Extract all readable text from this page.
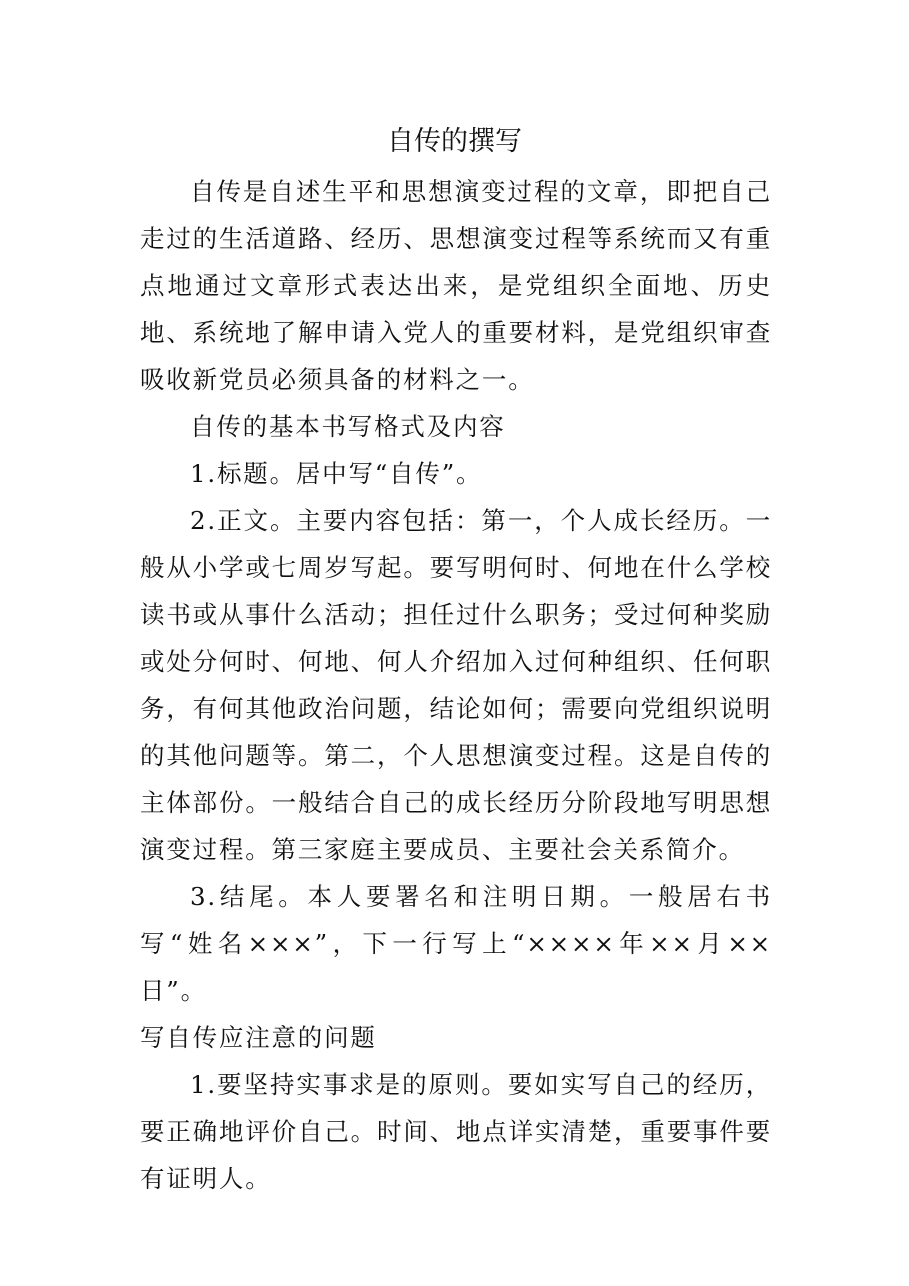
自传的撰写

自传是自述生平和思想演变过程的文章，即把自己走过的生活道路、经历、思想演变过程等系统而又有重点地通过文章形式表达出来，是党组织全面地、历史地、系统地了解申请入党人的重要材料，是党组织审查吸收新党员必须具备的材料之一。

自传的基本书写格式及内容

1.标题。居中写“自传”。

2.正文。主要内容包括：第一，个人成长经历。一般从小学或七周岁写起。要写明何时、何地在什么学校读书或从事什么活动；担任过什么职务；受过何种奖励或处分何时、何地、何人介绍加入过何种组织、任何职务，有何其他政治问题，结论如何；需要向党组织说明的其他问题等。第二，个人思想演变过程。这是自传的主体部份。一般结合自己的成长经历分阶段地写明思想演变过程。第三家庭主要成员、主要社会关系简介。

3.结尾。本人要署名和注明日期。一般居右书写“姓名×××”，下一行写上“××××年××月××日”。

写自传应注意的问题

1.要坚持实事求是的原则。要如实写自己的经历，要正确地评价自己。时间、地点详实清楚，重要事件要有证明人。
